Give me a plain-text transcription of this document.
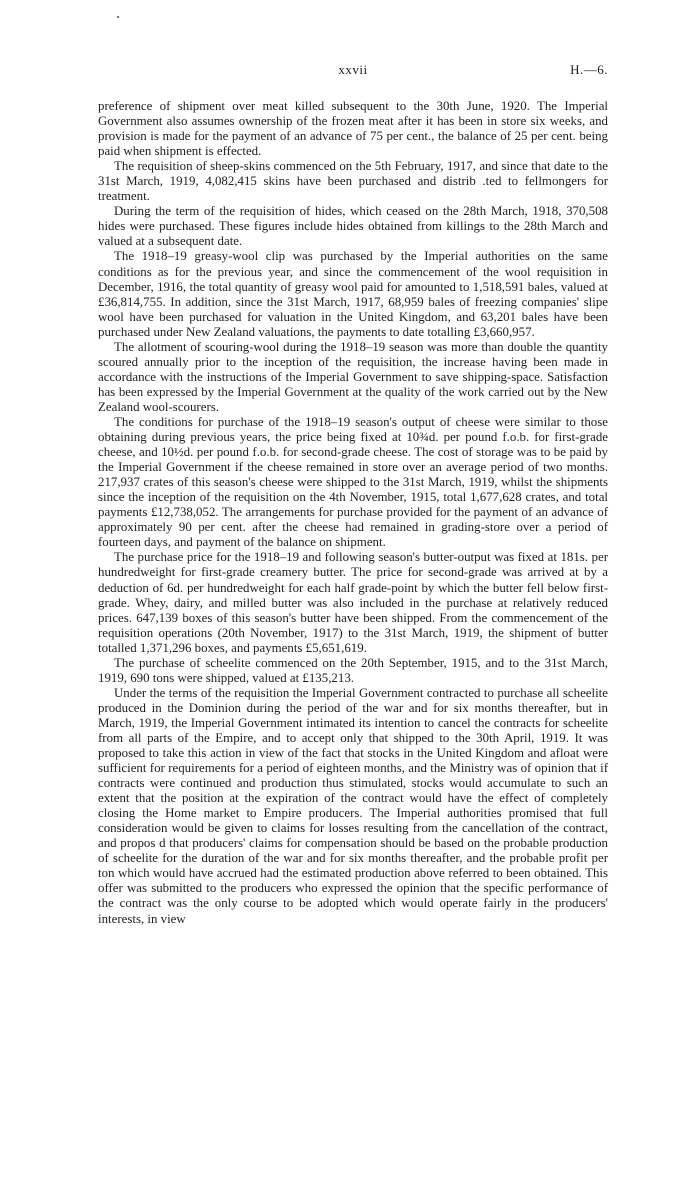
xxvii	H.—6.

preference of shipment over meat killed subsequent to the 30th June, 1920. The Imperial Government also assumes ownership of the frozen meat after it has been in store six weeks, and provision is made for the payment of an advance of 75 per cent., the balance of 25 per cent. being paid when shipment is effected.

The requisition of sheep-skins commenced on the 5th February, 1917, and since that date to the 31st March, 1919, 4,082,415 skins have been purchased and distrib .ted to fellmongers for treatment.

During the term of the requisition of hides, which ceased on the 28th March, 1918, 370,508 hides were purchased. These figures include hides obtained from killings to the 28th March and valued at a subsequent date.

The 1918–19 greasy-wool clip was purchased by the Imperial authorities on the same conditions as for the previous year, and since the commencement of the wool requisition in December, 1916, the total quantity of greasy wool paid for amounted to 1,518,591 bales, valued at £36,814,755. In addition, since the 31st March, 1917, 68,959 bales of freezing companies' slipe wool have been purchased for valuation in the United Kingdom, and 63,201 bales have been purchased under New Zealand valuations, the payments to date totalling £3,660,957.

The allotment of scouring-wool during the 1918–19 season was more than double the quantity scoured annually prior to the inception of the requisition, the increase having been made in accordance with the instructions of the Imperial Government to save shipping-space. Satisfaction has been expressed by the Imperial Government at the quality of the work carried out by the New Zealand wool-scourers.

The conditions for purchase of the 1918–19 season's output of cheese were similar to those obtaining during previous years, the price being fixed at 10¾d. per pound f.o.b. for first-grade cheese, and 10½d. per pound f.o.b. for second-grade cheese. The cost of storage was to be paid by the Imperial Government if the cheese remained in store over an average period of two months. 217,937 crates of this season's cheese were shipped to the 31st March, 1919, whilst the shipments since the inception of the requisition on the 4th November, 1915, total 1,677,628 crates, and total payments £12,738,052. The arrangements for purchase provided for the payment of an advance of approximately 90 per cent. after the cheese had remained in grading-store over a period of fourteen days, and payment of the balance on shipment.

The purchase price for the 1918–19 and following season's butter-output was fixed at 181s. per hundredweight for first-grade creamery butter. The price for second-grade was arrived at by a deduction of 6d. per hundredweight for each half grade-point by which the butter fell below first-grade. Whey, dairy, and milled butter was also included in the purchase at relatively reduced prices. 647,139 boxes of this season's butter have been shipped. From the commencement of the requisition operations (20th November, 1917) to the 31st March, 1919, the shipment of butter totalled 1,371,296 boxes, and payments £5,651,619.

The purchase of scheelite commenced on the 20th September, 1915, and to the 31st March, 1919, 690 tons were shipped, valued at £135,213.

Under the terms of the requisition the Imperial Government contracted to purchase all scheelite produced in the Dominion during the period of the war and for six months thereafter, but in March, 1919, the Imperial Government intimated its intention to cancel the contracts for scheelite from all parts of the Empire, and to accept only that shipped to the 30th April, 1919. It was proposed to take this action in view of the fact that stocks in the United Kingdom and afloat were sufficient for requirements for a period of eighteen months, and the Ministry was of opinion that if contracts were continued and production thus stimulated, stocks would accumulate to such an extent that the position at the expiration of the contract would have the effect of completely closing the Home market to Empire producers. The Imperial authorities promised that full consideration would be given to claims for losses resulting from the cancellation of the contract, and propos d that producers' claims for compensation should be based on the probable production of scheelite for the duration of the war and for six months thereafter, and the probable profit per ton which would have accrued had the estimated production above referred to been obtained. This offer was submitted to the producers who expressed the opinion that the specific performance of the contract was the only course to be adopted which would operate fairly in the producers' interests, in view
